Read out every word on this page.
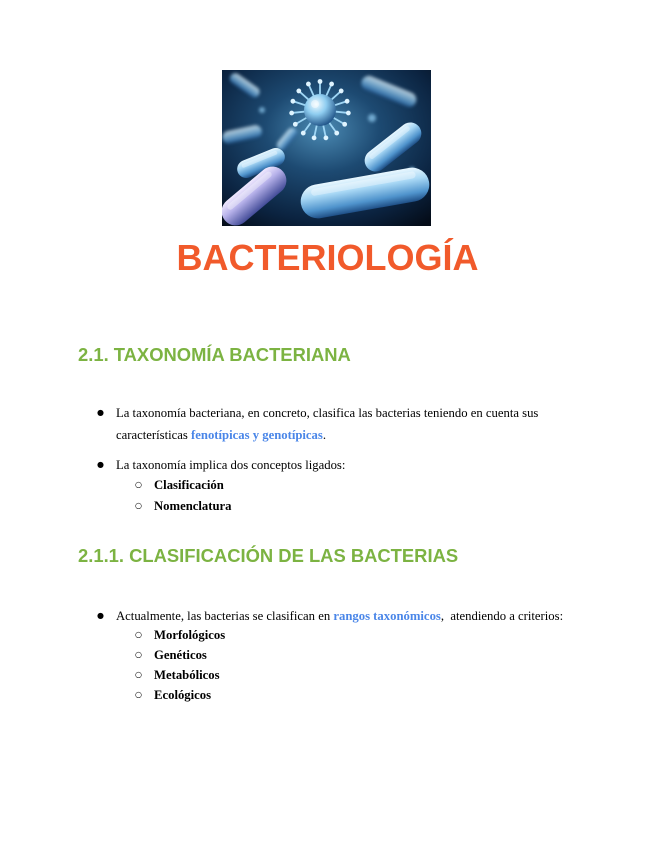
BACTERIOLOGÍA
2.1. TAXONOMÍA BACTERIANA
● La taxonomía bacteriana, en concreto, clasifica las bacterias teniendo en cuenta sus características fenotípicas y genotípicas.

● La taxonomía implica dos conceptos ligados:

○ Clasificación

○ Nomenclatura

2.1.1. CLASIFICACIÓN DE LAS BACTERIAS
● Actualmente, las bacterias se clasifican en rangos taxonómicos,  atendiendo a criterios:

○ Morfológicos

○ Genéticos

○ Metabólicos

○ Ecológicos
